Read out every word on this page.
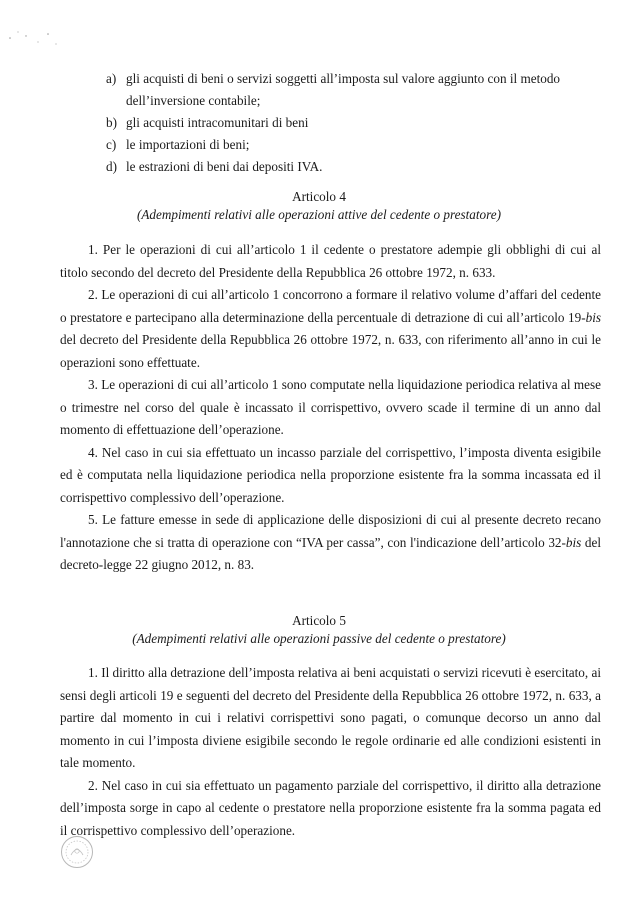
a) gli acquisti di beni o servizi soggetti all’imposta sul valore aggiunto con il metodo dell’inversione contabile;
b) gli acquisti intracomunitari di beni
c) le importazioni di beni;
d) le estrazioni di beni dai depositi IVA.
Articolo 4
(Adempimenti relativi alle operazioni attive del cedente o prestatore)

1. Per le operazioni di cui all’articolo 1 il cedente o prestatore adempie gli obblighi di cui al titolo secondo del decreto del Presidente della Repubblica 26 ottobre 1972, n. 633.

2. Le operazioni di cui all’articolo 1 concorrono a formare il relativo volume d’affari del cedente o prestatore e partecipano alla determinazione della percentuale di detrazione di cui all’articolo 19-bis del decreto del Presidente della Repubblica 26 ottobre 1972, n. 633, con riferimento all’anno in cui le operazioni sono effettuate.

3. Le operazioni di cui all’articolo 1 sono computate nella liquidazione periodica relativa al mese o trimestre nel corso del quale è incassato il corrispettivo, ovvero scade il termine di un anno dal momento di effettuazione dell’operazione.

4. Nel caso in cui sia effettuato un incasso parziale del corrispettivo, l’imposta diventa esigibile ed è computata nella liquidazione periodica nella proporzione esistente fra la somma incassata ed il corrispettivo complessivo dell’operazione.

5. Le fatture emesse in sede di applicazione delle disposizioni di cui al presente decreto recano l'annotazione che si tratta di operazione con “IVA per cassa”, con l'indicazione dell’articolo 32-bis del decreto-legge 22 giugno 2012, n. 83.

Articolo 5
(Adempimenti relativi alle operazioni passive del cedente o prestatore)

1. Il diritto alla detrazione dell’imposta relativa ai beni acquistati o servizi ricevuti è esercitato, ai sensi degli articoli 19 e seguenti del decreto del Presidente della Repubblica 26 ottobre 1972, n. 633, a partire dal momento in cui i relativi corrispettivi sono pagati, o comunque decorso un anno dal momento in cui l’imposta diviene esigibile secondo le regole ordinarie ed alle condizioni esistenti in tale momento.

2. Nel caso in cui sia effettuato un pagamento parziale del corrispettivo, il diritto alla detrazione dell’imposta sorge in capo al cedente o prestatore nella proporzione esistente fra la somma pagata ed il corrispettivo complessivo dell’operazione.
